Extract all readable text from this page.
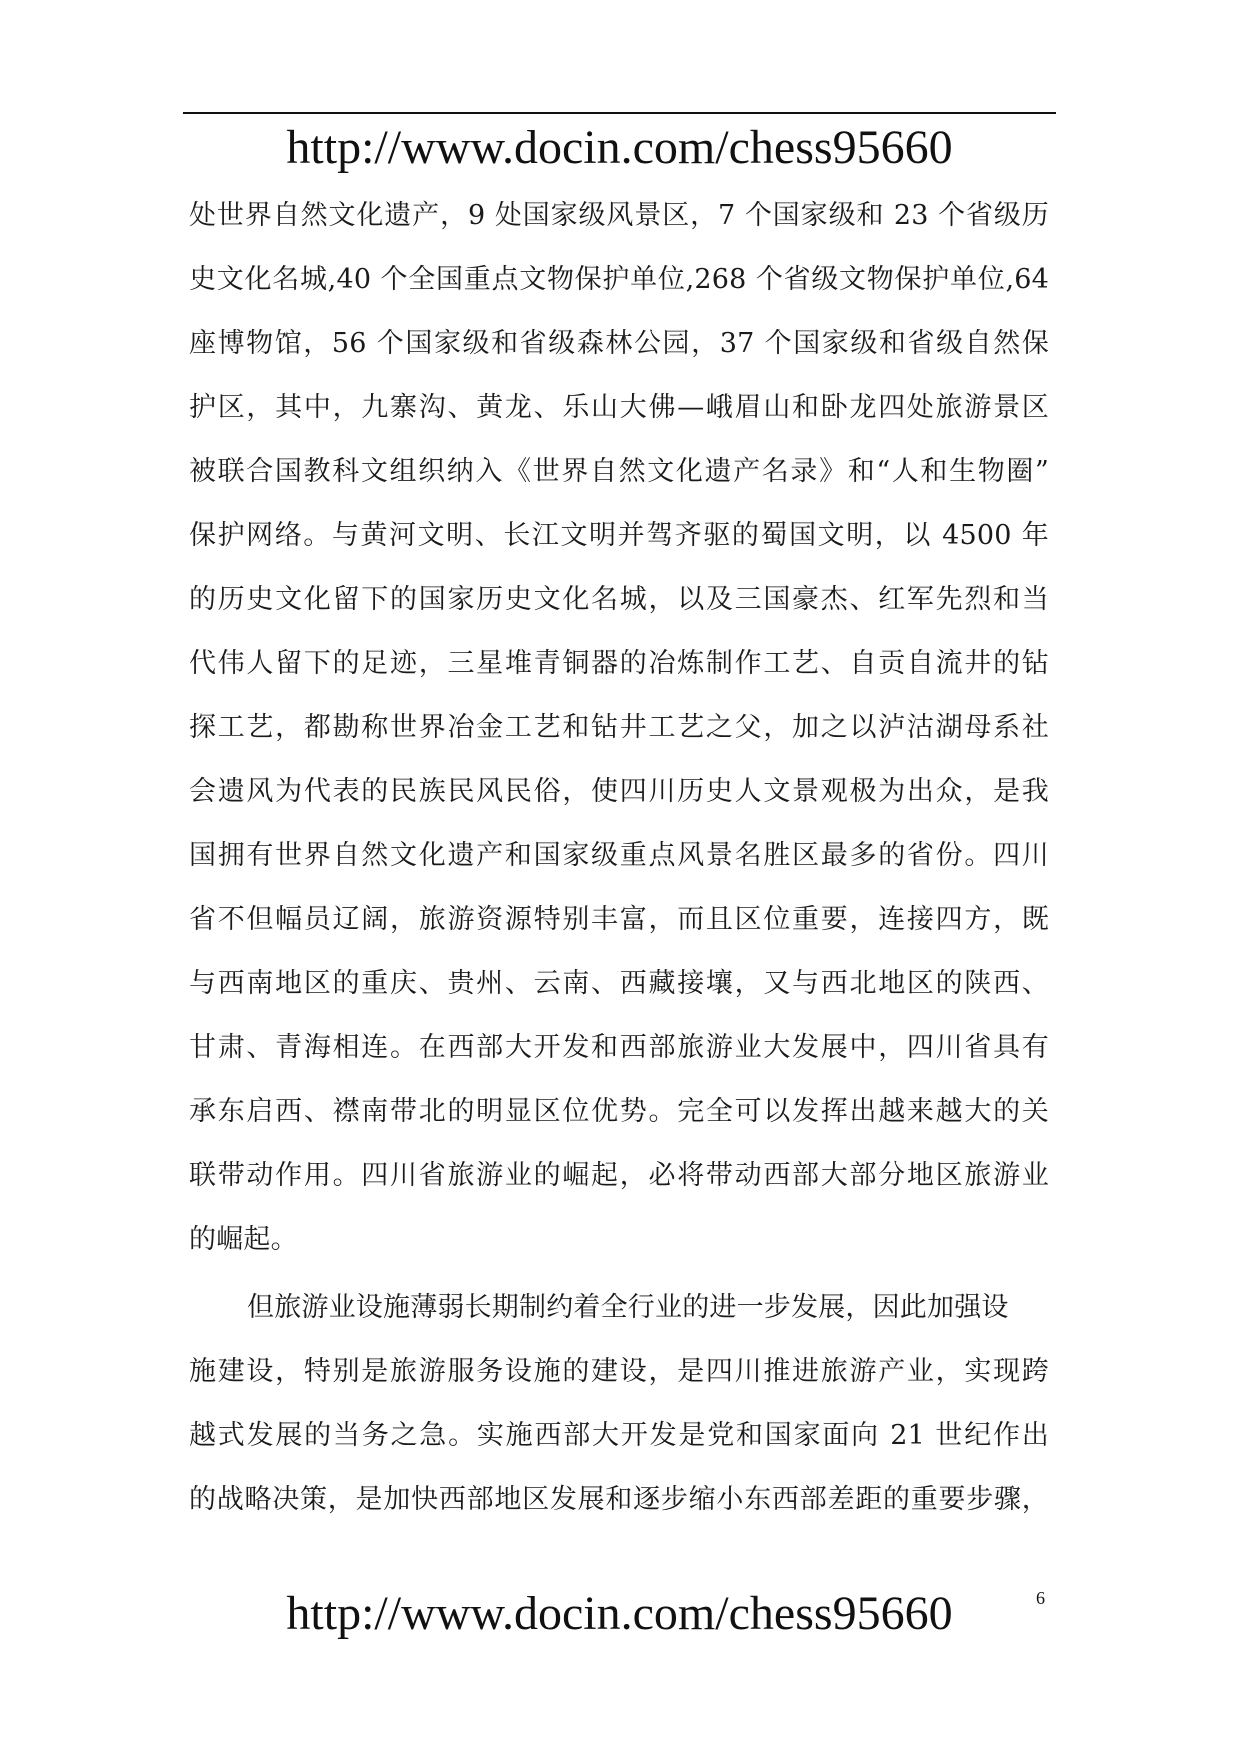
http://www.docin.com/chess95660
处世界自然文化遗产，9 处国家级风景区，7 个国家级和 23 个省级历
史文化名城,40 个全国重点文物保护单位,268 个省级文物保护单位,64
座博物馆，56 个国家级和省级森林公园，37 个国家级和省级自然保
护区，其中，九寨沟、黄龙、乐山大佛—峨眉山和卧龙四处旅游景区
被联合国教科文组织纳入《世界自然文化遗产名录》和“人和生物圈”
保护网络。与黄河文明、长江文明并驾齐驱的蜀国文明，以 4500 年
的历史文化留下的国家历史文化名城，以及三国豪杰、红军先烈和当
代伟人留下的足迹，三星堆青铜器的冶炼制作工艺、自贡自流井的钻
探工艺，都勘称世界冶金工艺和钻井工艺之父，加之以泸沽湖母系社
会遗风为代表的民族民风民俗，使四川历史人文景观极为出众，是我
国拥有世界自然文化遗产和国家级重点风景名胜区最多的省份。四川
省不但幅员辽阔，旅游资源特别丰富，而且区位重要，连接四方，既
与西南地区的重庆、贵州、云南、西藏接壤，又与西北地区的陕西、
甘肃、青海相连。在西部大开发和西部旅游业大发展中，四川省具有
承东启西、襟南带北的明显区位优势。完全可以发挥出越来越大的关
联带动作用。四川省旅游业的崛起，必将带动西部大部分地区旅游业
的崛起。
但旅游业设施薄弱长期制约着全行业的进一步发展，因此加强设
施建设，特别是旅游服务设施的建设，是四川推进旅游产业，实现跨
越式发展的当务之急。实施西部大开发是党和国家面向 21 世纪作出
的战略决策，是加快西部地区发展和逐步缩小东西部差距的重要步骤，
http://www.docin.com/chess95660	6
